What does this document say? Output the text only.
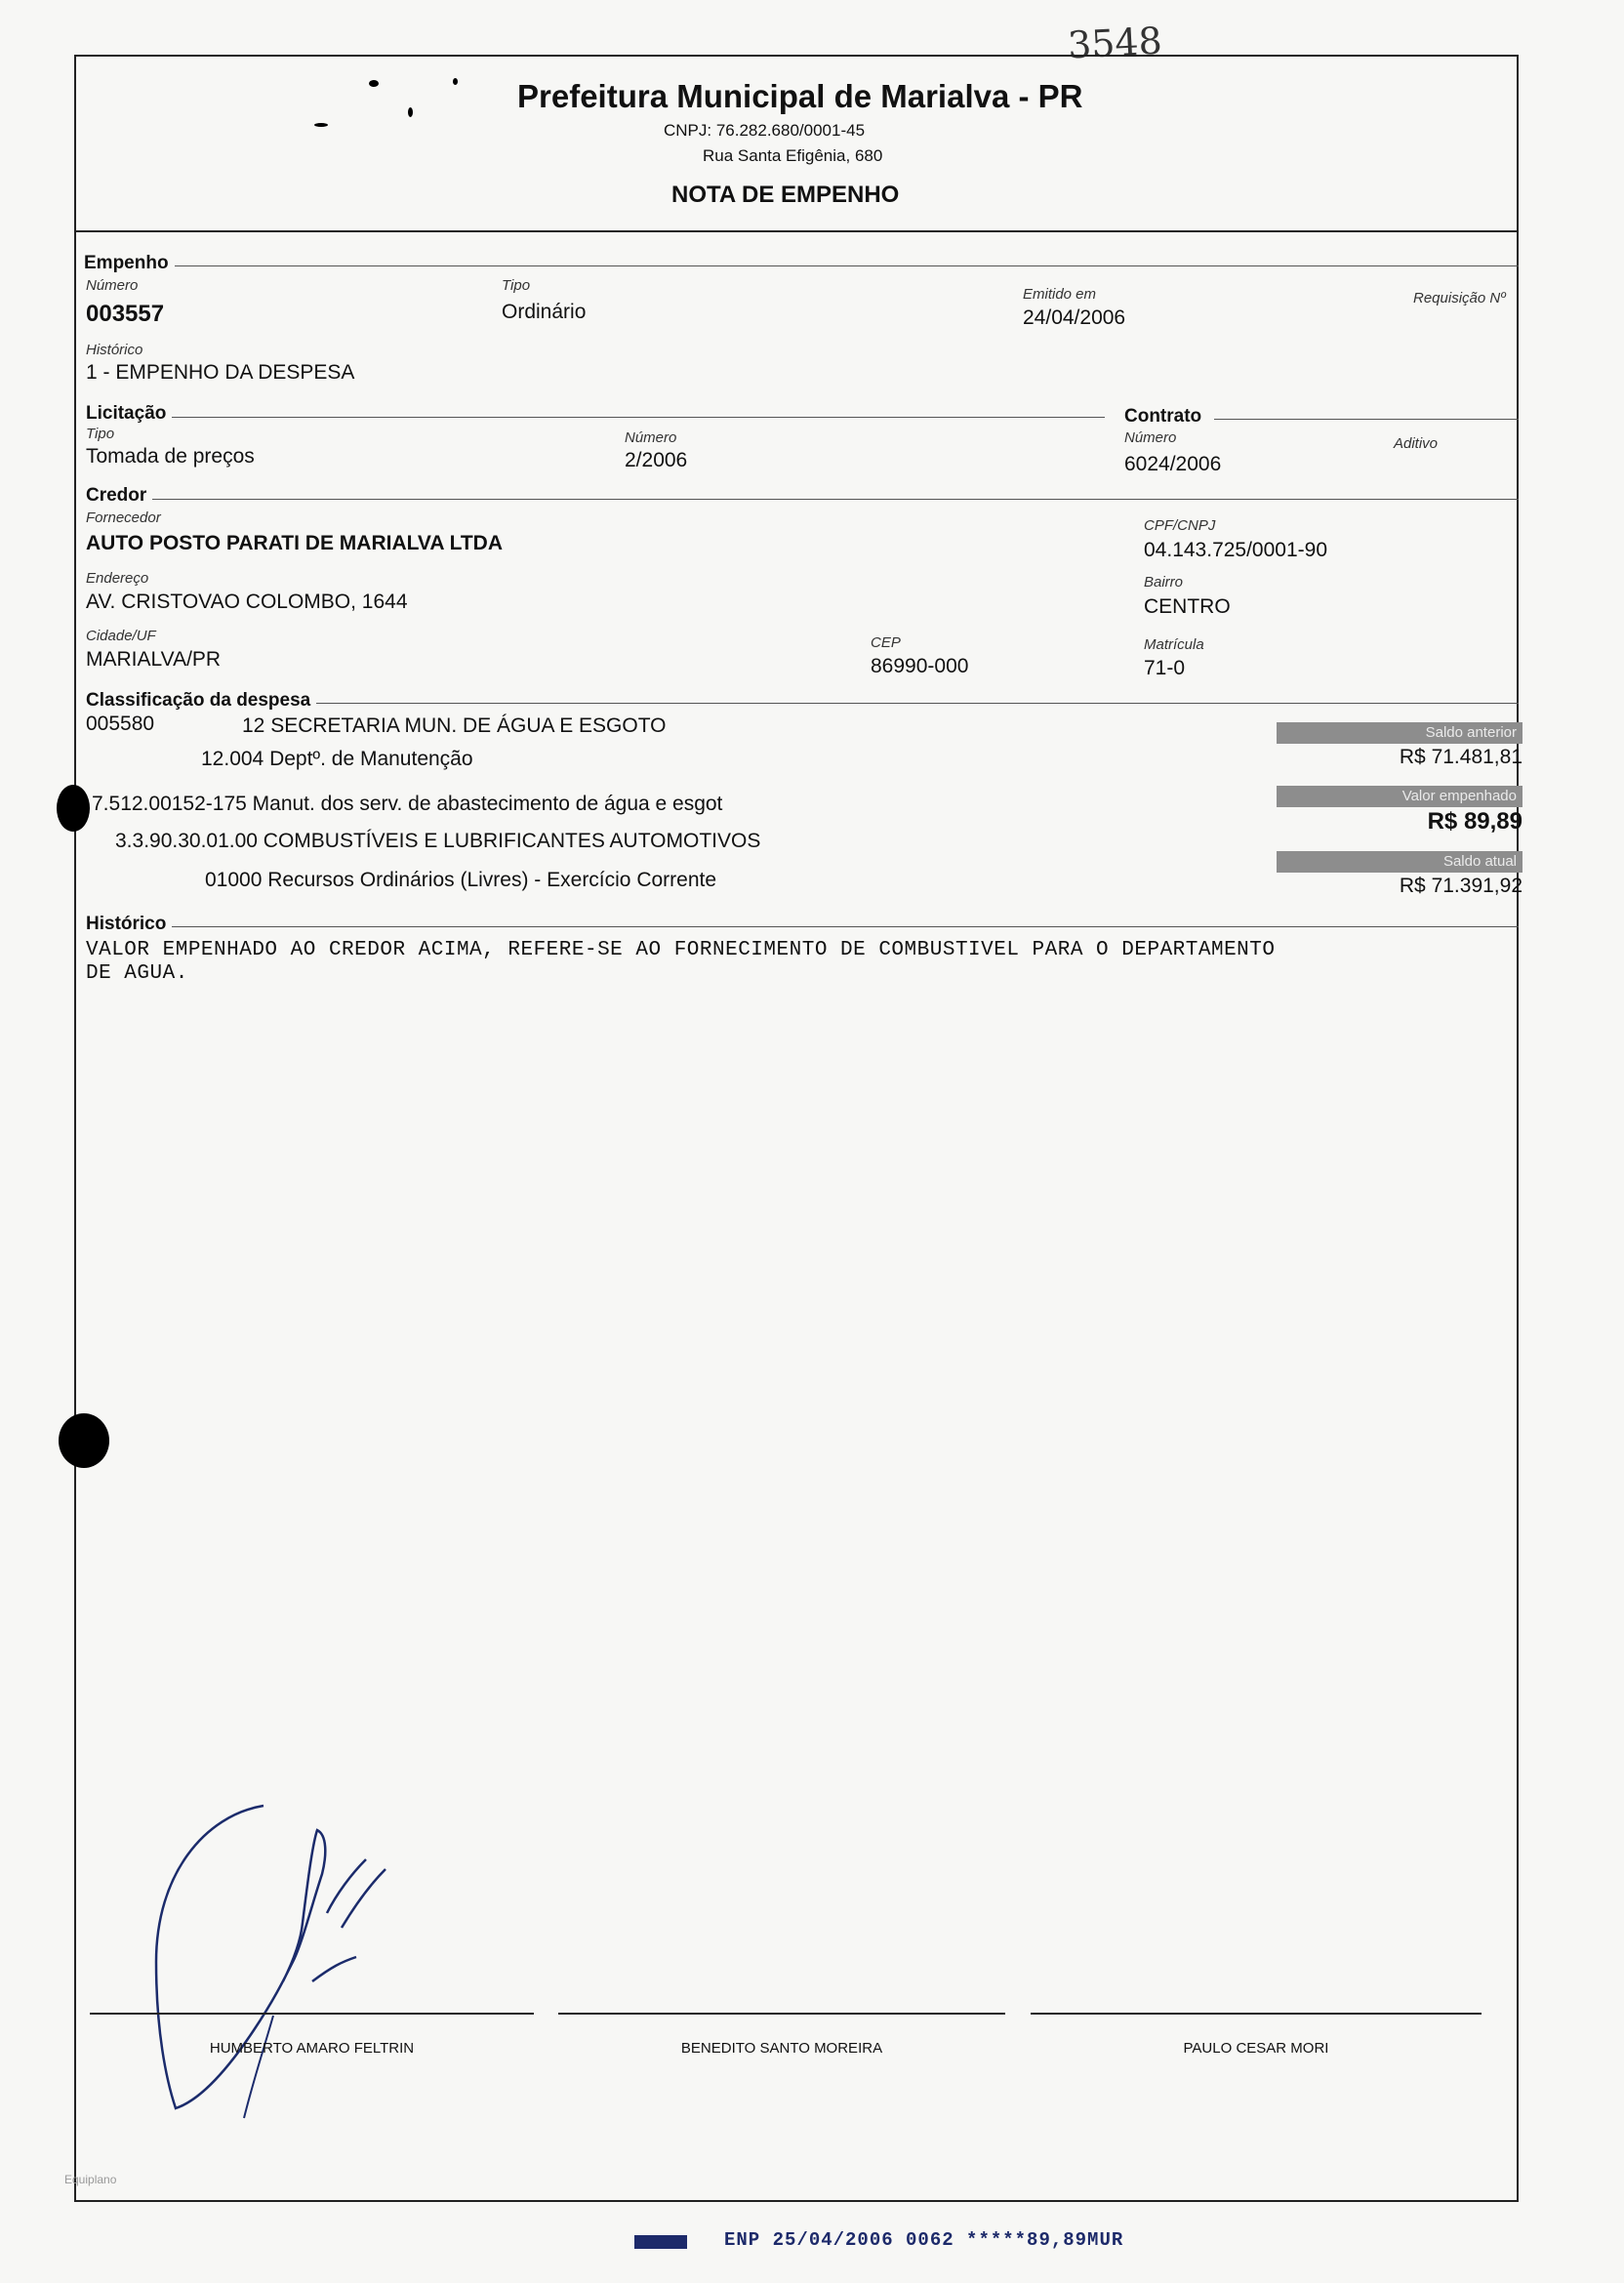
3548
Prefeitura Municipal de Marialva - PR
CNPJ: 76.282.680/0001-45
Rua Santa Efigênia, 680
NOTA DE EMPENHO
Empenho
Número
003557
Tipo
Ordinário
Emitido em
24/04/2006
Requisição Nº
Histórico
1 - EMPENHO DA DESPESA
Licitação
Tipo
Tomada de preços
Número
2/2006
Contrato
Número
6024/2006
Aditivo
Credor
Fornecedor
AUTO POSTO PARATI DE MARIALVA LTDA
CPF/CNPJ
04.143.725/0001-90
Endereço
AV. CRISTOVAO COLOMBO, 1644
Bairro
CENTRO
Cidade/UF
MARIALVA/PR
CEP
86990-000
Matrícula
71-0
Classificação da despesa
005580	12 SECRETARIA MUN. DE ÁGUA E ESGOTO
12.004 Deptº. de Manutenção
7.512.00152-175 Manut. dos serv. de abastecimento de água e esgot
3.3.90.30.01.00 COMBUSTÍVEIS E LUBRIFICANTES AUTOMOTIVOS
01000 Recursos Ordinários (Livres) - Exercício Corrente
Saldo anterior
R$ 71.481,81
Valor empenhado
R$ 89,89
Saldo atual
R$ 71.391,92
Histórico
VALOR EMPENHADO AO CREDOR ACIMA, REFERE-SE AO FORNECIMENTO DE COMBUSTIVEL PARA O DEPARTAMENTO
DE AGUA.
HUMBERTO AMARO FELTRIN	BENEDITO SANTO MOREIRA	PAULO CESAR MORI
Equiplano
ENP 25/04/2006 0062 *****89,89MUR
